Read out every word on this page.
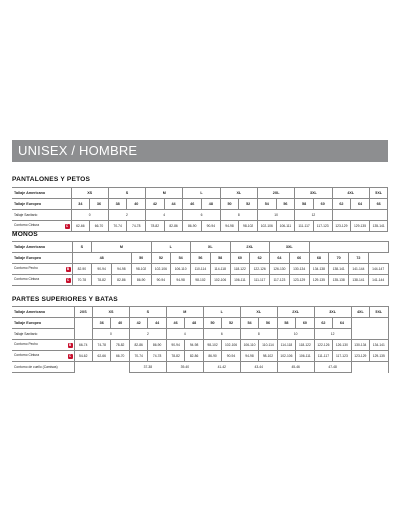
UNISEX / HOMBRE
PANTALONES Y PETOS
Tallaje Americano	XS		S		M		L		XL		2XL		3XL		4XL		5XL
Tallaje Europeo	34	36	38	40	42	44	46	48	50	52	54	56	58	60	62	64	66
Tallaje Sanitario	0		2		4		6		8		10		12				
Contorno Cintura C	62-66	66-70	70-74	74-78	78-82	82-86	86-90	90-94	94-98	98-102	102-106	106-111	111-117	117-123	123-129	129-135	135-141
MONOS
Tallaje Americano	S	M			L		XL		2XL		3XL					
Tallaje Europeo	48			50	52	54	56	58	60	62	64	66	68	70	72	
Contorno Pecho B	82-90	90-94	94-98	98-102	102-106	106-110	110-114	114-118	118-122	122-126	126-130	130-134	134-138	138-141	141-144	144-147
Contorno Cintura C	70-78	78-82	82-86	86-90	90-94	94-98	98-102	102-106	106-111	111-117	117-123	123-129	129-135	135-138	138-141	141-144
PARTES SUPERIORES Y BATAS
Tallaje Americano	2XS	XS		S		M		L		XL		2XL		3XL		4XL	5XL
Tallaje Europeo		36	40	42	44	46	48	50	52	54	56	58	60	62	64		
Tallaje Sanitario		0		2		4		6		8		10		12			
Contorno Pecho B	66-74	74-78	78-82	82-86	86-90	90-94	94-98	98-102	102-106	106-110	110-114	114-118	118-122	122-126	126-130	130-134	134-141
Contorno Cintura C	54-62	62-66	66-70	70-74	74-78	78-82	82-86	86-90	90-94	94-98	98-102	102-106	106-111	111-117	117-123	123-129	129-135
Contorno de cuello (Camisas)				37-38		39-40		41-42		43-44		45-46		47-48			
